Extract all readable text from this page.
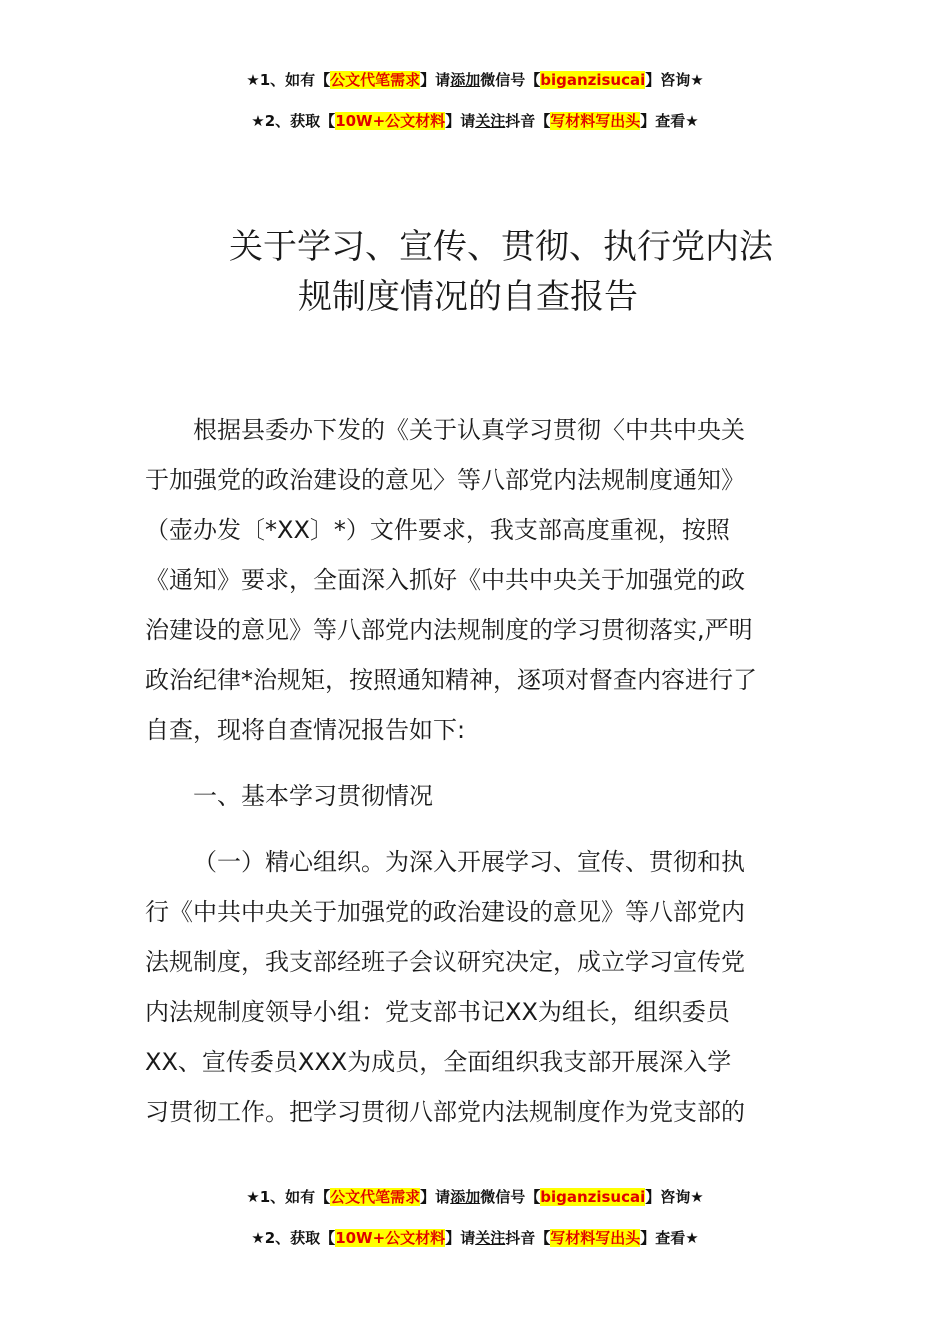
★1、如有【公文代笔需求】请添加微信号【biganzisucai】咨询★
★2、获取【10W+公文材料】请关注抖音【写材料写出头】查看★
关于学习、宣传、贯彻、执行党内法
规制度情况的自查报告
根据县委办下发的《关于认真学习贯彻〈中共中央关
于加强党的政治建设的意见〉等八部党内法规制度通知》
（壶办发〔*XX〕*）文件要求，我支部高度重视，按照
《通知》要求，全面深入抓好《中共中央关于加强党的政
治建设的意见》等八部党内法规制度的学习贯彻落实,严明
政治纪律*治规矩，按照通知精神，逐项对督查内容进行了
自查，现将自查情况报告如下:
一、基本学习贯彻情况
（一）精心组织。为深入开展学习、宣传、贯彻和执
行《中共中央关于加强党的政治建设的意见》等八部党内
法规制度，我支部经班子会议研究决定，成立学习宣传党
内法规制度领导小组：党支部书记XX为组长，组织委员
XX、宣传委员XXX为成员，全面组织我支部开展深入学
习贯彻工作。把学习贯彻八部党内法规制度作为党支部的
★1、如有【公文代笔需求】请添加微信号【biganzisucai】咨询★
★2、获取【10W+公文材料】请关注抖音【写材料写出头】查看★
